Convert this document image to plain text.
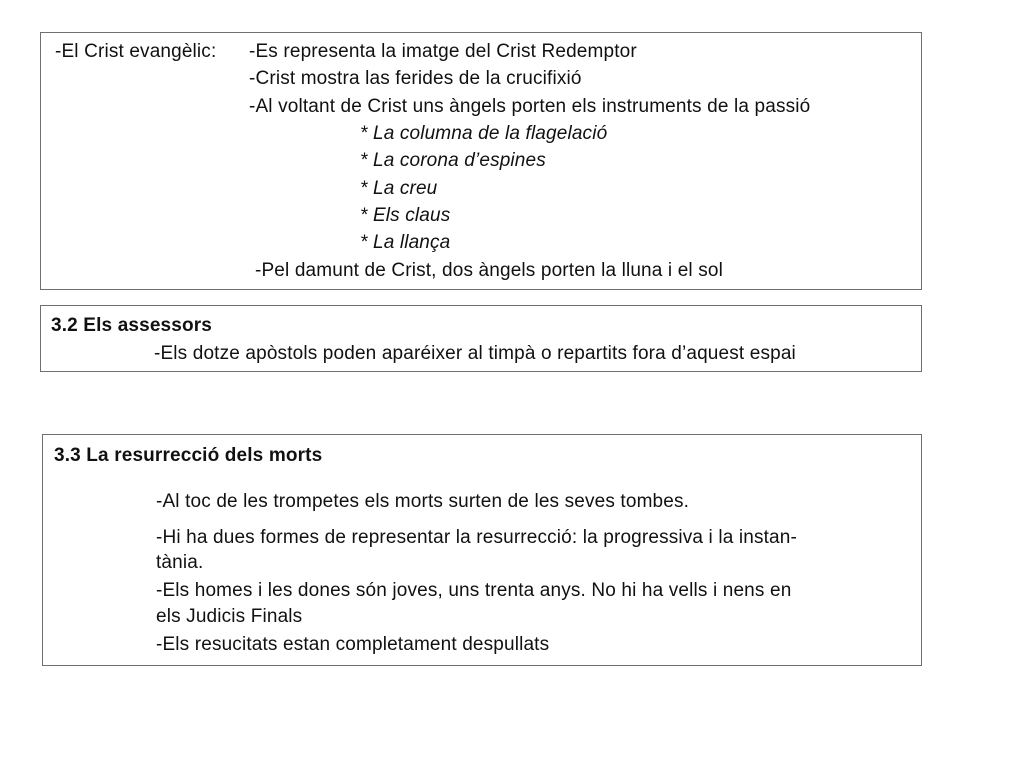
-El Crist evangèlic: -Es representa la imatge del Crist Redemptor
-Crist mostra las ferides de la crucifixió
-Al voltant de Crist uns àngels porten els instruments de la passió
* La columna de la flagelació
* La corona d’espines
* La creu
* Els claus
* La llança
-Pel damunt de Crist, dos àngels porten la lluna i el sol
3.2 Els assessors
-Els dotze apòstols poden aparéixer al timpà o repartits fora d’aquest espai
3.3 La resurrecció dels morts
-Al toc de les trompetes els morts surten de les seves tombes.
-Hi ha dues formes de representar la resurrecció: la progressiva i la instan-
tània.
-Els homes i les dones són joves, uns trenta anys. No hi ha vells i nens en
els Judicis Finals
-Els resucitats estan completament despullats
